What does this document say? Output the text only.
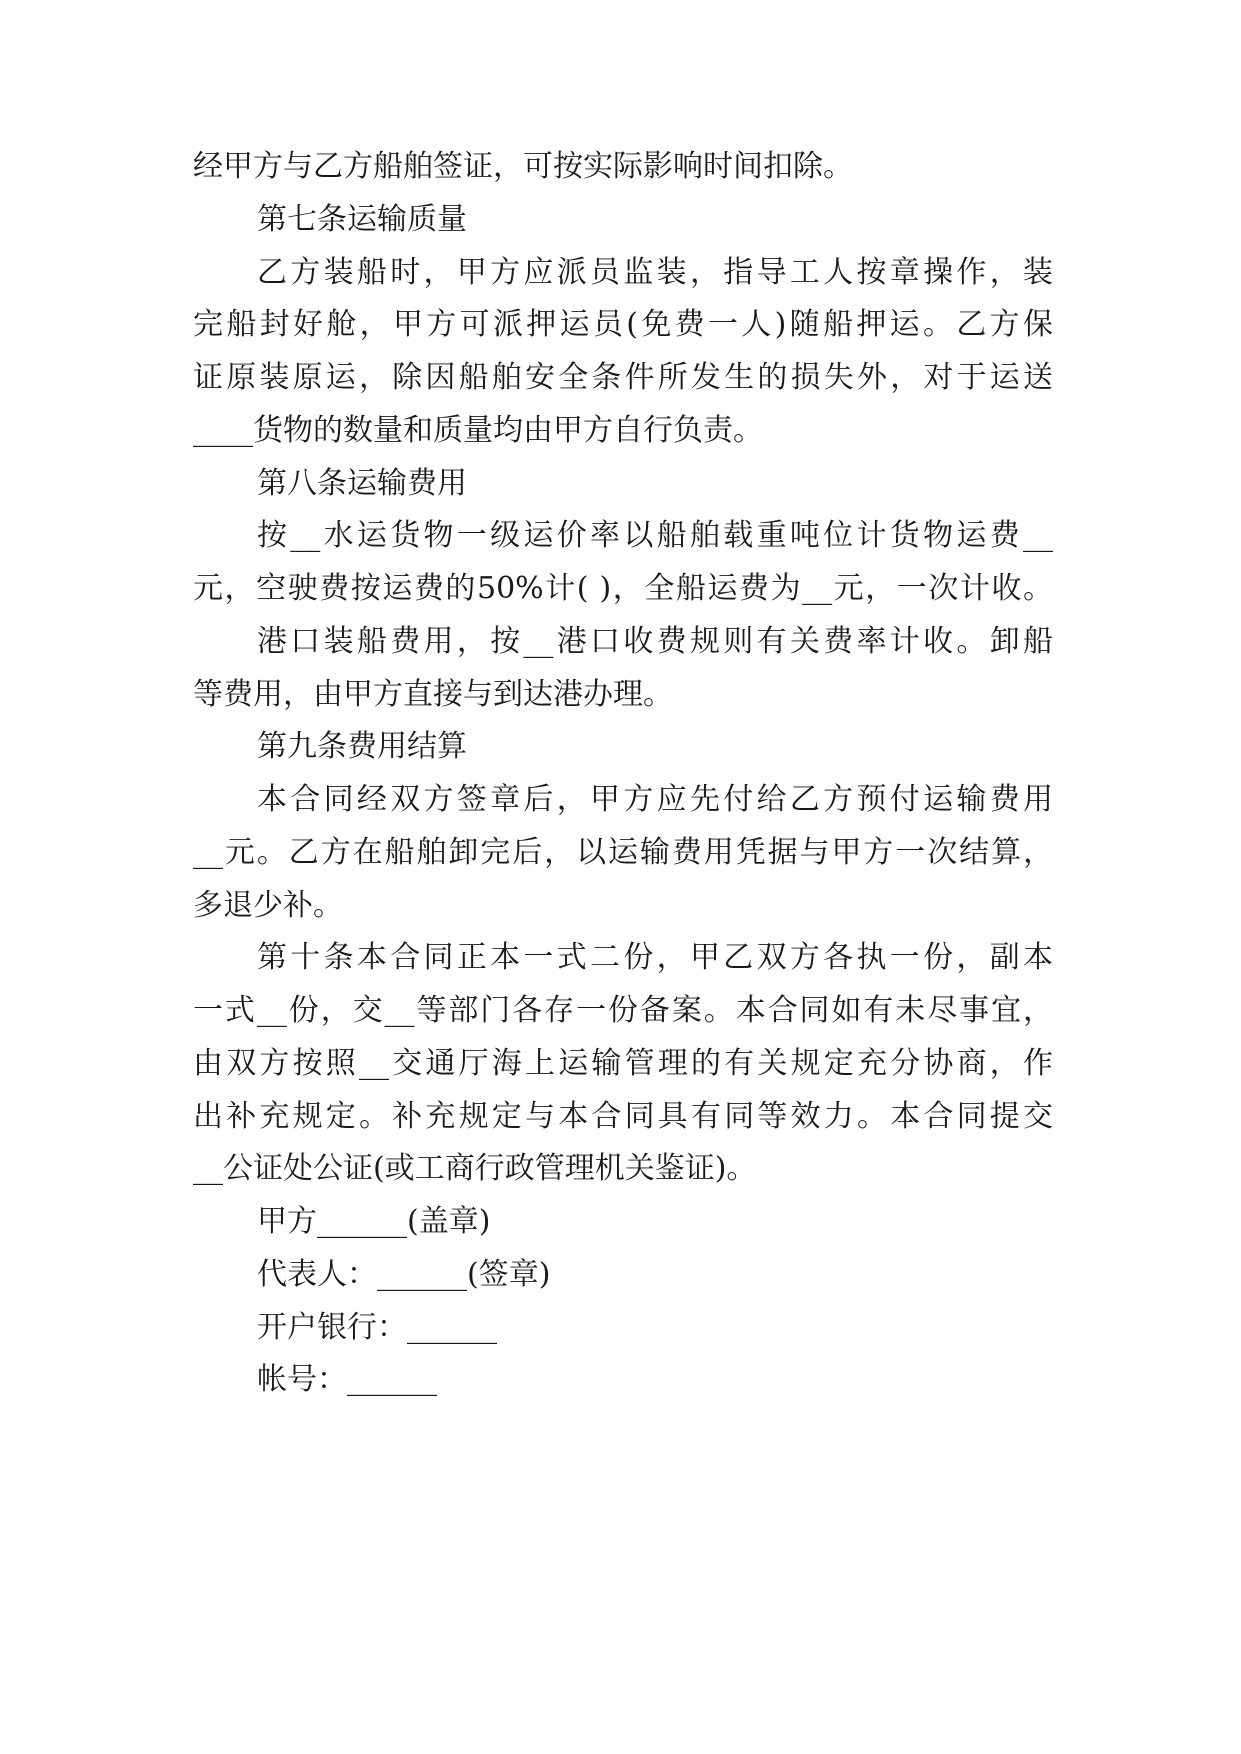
经甲方与乙方船舶签证，可按实际影响时间扣除。
第七条运输质量
乙方装船时，甲方应派员监装，指导工人按章操作，装
完船封好舱，甲方可派押运员(免费一人)随船押运。乙方保
证原装原运，除因船舶安全条件所发生的损失外，对于运送
____货物的数量和质量均由甲方自行负责。
第八条运输费用
按__水运货物一级运价率以船舶载重吨位计货物运费__
元，空驶费按运费的50%计( )，全船运费为__元，一次计收。
港口装船费用，按__港口收费规则有关费率计收。卸船
等费用，由甲方直接与到达港办理。
第九条费用结算
本合同经双方签章后，甲方应先付给乙方预付运输费用
__元。乙方在船舶卸完后，以运输费用凭据与甲方一次结算，
多退少补。
第十条本合同正本一式二份，甲乙双方各执一份，副本
一式__份，交__等部门各存一份备案。本合同如有未尽事宜，
由双方按照__交通厅海上运输管理的有关规定充分协商，作
出补充规定。补充规定与本合同具有同等效力。本合同提交
__公证处公证(或工商行政管理机关鉴证)。
甲方______(盖章)
代表人：______(签章)
开户银行：______
帐号：______
